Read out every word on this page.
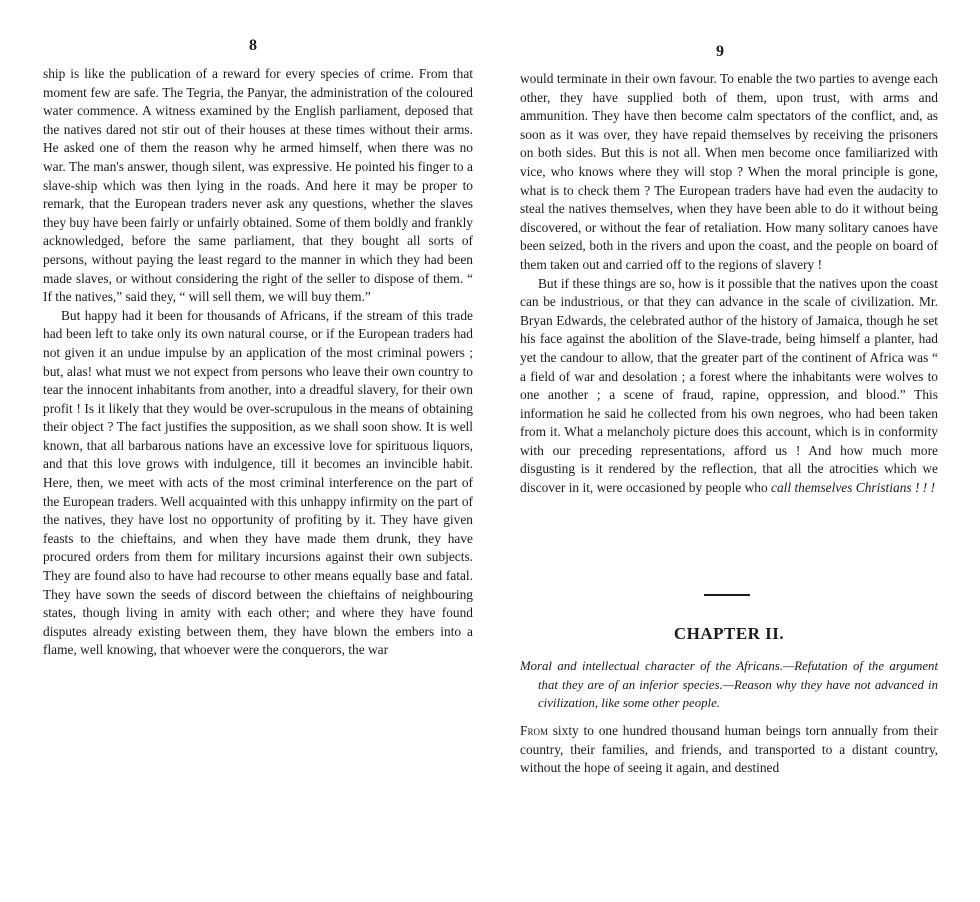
8

ship is like the publication of a reward for every species of crime. From that moment few are safe. The Tegria, the Panyar, the administration of the coloured water commence. A witness examined by the English parliament, deposed that the natives dared not stir out of their houses at these times without their arms. He asked one of them the reason why he armed himself, when there was no war. The man's answer, though silent, was expressive. He pointed his finger to a slave-ship which was then lying in the roads. And here it may be proper to remark, that the European traders never ask any questions, whether the slaves they buy have been fairly or unfairly obtained. Some of them boldly and frankly acknowledged, before the same parliament, that they bought all sorts of persons, without paying the least regard to the manner in which they had been made slaves, or without considering the right of the seller to dispose of them. “ If the natives,” said they, “ will sell them, we will buy them.”

But happy had it been for thousands of Africans, if the stream of this trade had been left to take only its own natural course, or if the European traders had not given it an undue impulse by an application of the most criminal powers ; but, alas! what must we not expect from persons who leave their own country to tear the innocent inhabitants from another, into a dreadful slavery, for their own profit ! Is it likely that they would be over-scrupulous in the means of obtaining their object ? The fact justifies the supposition, as we shall soon show. It is well known, that all barbarous nations have an excessive love for spirituous liquors, and that this love grows with indulgence, till it becomes an invincible habit. Here, then, we meet with acts of the most criminal interference on the part of the European traders. Well acquainted with this unhappy infirmity on the part of the natives, they have lost no opportunity of profiting by it. They have given feasts to the chieftains, and when they have made them drunk, they have procured orders from them for military incursions against their own subjects. They are found also to have had recourse to other means equally base and fatal. They have sown the seeds of discord between the chieftains of neighbouring states, though living in amity with each other; and where they have found disputes already existing between them, they have blown the embers into a flame, well knowing, that whoever were the conquerors, the war

9

would terminate in their own favour. To enable the two parties to avenge each other, they have supplied both of them, upon trust, with arms and ammunition. They have then become calm spectators of the conflict, and, as soon as it was over, they have repaid themselves by receiving the prisoners on both sides. But this is not all. When men become once familiarized with vice, who knows where they will stop ? When the moral principle is gone, what is to check them ? The European traders have had even the audacity to steal the natives themselves, when they have been able to do it without being discovered, or without the fear of retaliation. How many solitary canoes have been seized, both in the rivers and upon the coast, and the people on board of them taken out and carried off to the regions of slavery !

But if these things are so, how is it possible that the natives upon the coast can be industrious, or that they can advance in the scale of civilization. Mr. Bryan Edwards, the celebrated author of the history of Jamaica, though he set his face against the abolition of the Slave-trade, being himself a planter, had yet the candour to allow, that the greater part of the continent of Africa was “ a field of war and desolation ; a forest where the inhabitants were wolves to one another ; a scene of fraud, rapine, oppression, and blood.” This information he said he collected from his own negroes, who had been taken from it. What a melancholy picture does this account, which is in conformity with our preceding representations, afford us ! And how much more disgusting is it rendered by the reflection, that all the atrocities which we discover in it, were occasioned by people who call themselves Christians ! ! !

CHAPTER II.
Moral and intellectual character of the Africans.—Refutation of the argument that they are of an inferior species.—Reason why they have not advanced in civilization, like some other people.
From sixty to one hundred thousand human beings torn annually from their country, their families, and friends, and transported to a distant country, without the hope of seeing it again, and destined
